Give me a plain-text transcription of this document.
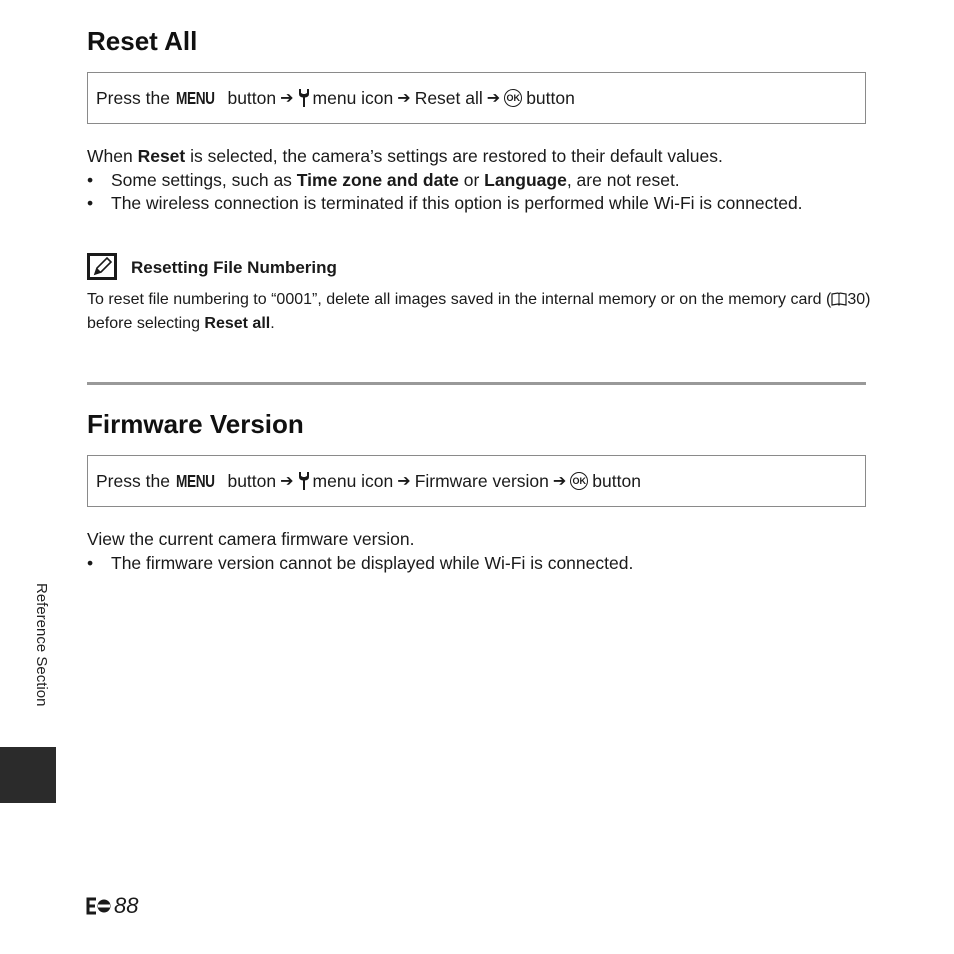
Reset All
Press the MENU button ➔ menu icon ➔ Reset all ➔ OK button

When Reset is selected, the camera’s settings are restored to their default values.

• Some settings, such as Time zone and date or Language, are not reset.
• The wireless connection is terminated if this option is performed while Wi-Fi is connected.
Resetting File Numbering
To reset file numbering to “0001”, delete all images saved in the internal memory or on the memory card ( 30) before selecting Reset all.
Firmware Version
Press the MENU button ➔ menu icon ➔ Firmware version ➔ OK button

View the current camera firmware version.

• The firmware version cannot be displayed while Wi-Fi is connected.
Reference Section
88
